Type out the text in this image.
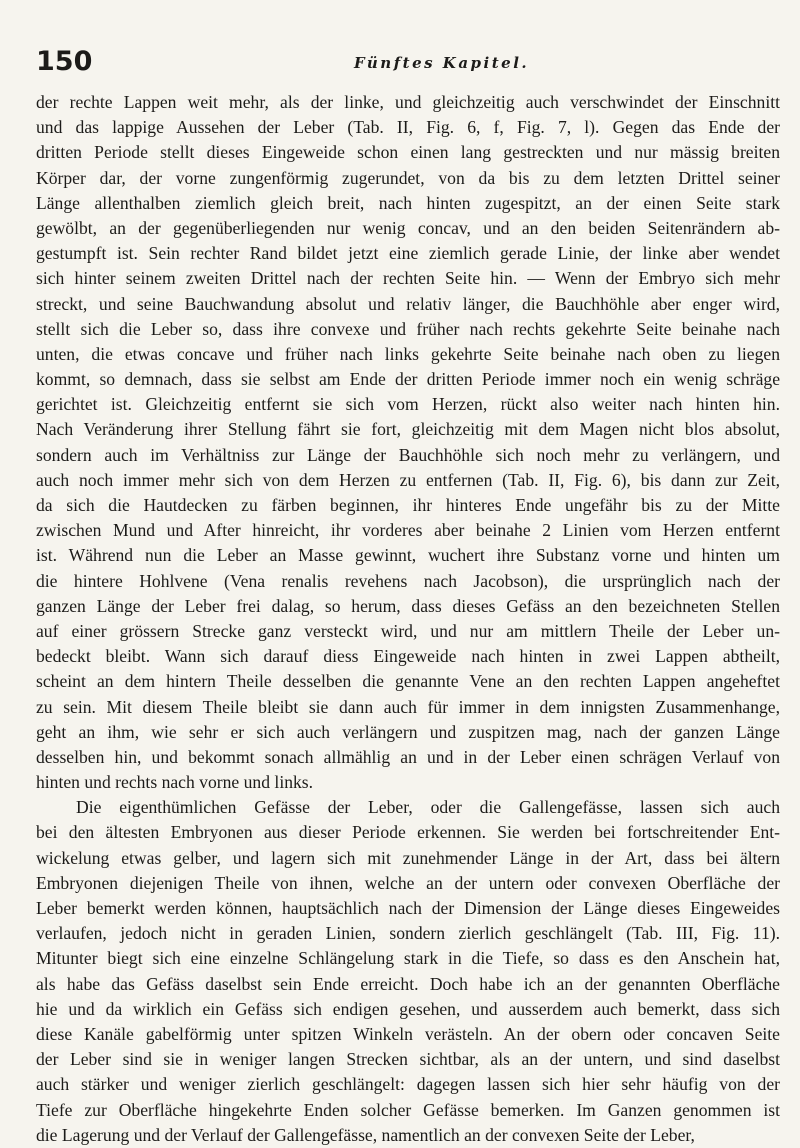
150	Fünftes Kapitel.
der rechte Lappen weit mehr, als der linke, und gleichzeitig auch verschwindet der Einschnitt
und das lappige Aussehen der Leber (Tab. II, Fig. 6, f, Fig. 7, l). Gegen das Ende der
dritten Periode stellt dieses Eingeweide schon einen lang gestreckten und nur mässig breiten
Körper dar, der vorne zungenförmig zugerundet, von da bis zu dem letzten Drittel seiner
Länge allenthalben ziemlich gleich breit, nach hinten zugespitzt, an der einen Seite stark
gewölbt, an der gegenüberliegenden nur wenig concav, und an den beiden Seitenrändern ab-
gestumpft ist. Sein rechter Rand bildet jetzt eine ziemlich gerade Linie, der linke aber wendet
sich hinter seinem zweiten Drittel nach der rechten Seite hin. — Wenn der Embryo sich mehr
streckt, und seine Bauchwandung absolut und relativ länger, die Bauchhöhle aber enger wird,
stellt sich die Leber so, dass ihre convexe und früher nach rechts gekehrte Seite beinahe nach
unten, die etwas concave und früher nach links gekehrte Seite beinahe nach oben zu liegen
kommt, so demnach, dass sie selbst am Ende der dritten Periode immer noch ein wenig schräge
gerichtet ist. Gleichzeitig entfernt sie sich vom Herzen, rückt also weiter nach hinten hin.
Nach Veränderung ihrer Stellung fährt sie fort, gleichzeitig mit dem Magen nicht blos absolut,
sondern auch im Verhältniss zur Länge der Bauchhöhle sich noch mehr zu verlängern, und
auch noch immer mehr sich von dem Herzen zu entfernen (Tab. II, Fig. 6), bis dann zur Zeit,
da sich die Hautdecken zu färben beginnen, ihr hinteres Ende ungefähr bis zu der Mitte
zwischen Mund und After hinreicht, ihr vorderes aber beinahe 2 Linien vom Herzen entfernt
ist. Während nun die Leber an Masse gewinnt, wuchert ihre Substanz vorne und hinten um
die hintere Hohlvene (Vena renalis revehens nach Jacobson), die ursprünglich nach der
ganzen Länge der Leber frei dalag, so herum, dass dieses Gefäss an den bezeichneten Stellen
auf einer grössern Strecke ganz versteckt wird, und nur am mittlern Theile der Leber un-
bedeckt bleibt. Wann sich darauf diess Eingeweide nach hinten in zwei Lappen abtheilt,
scheint an dem hintern Theile desselben die genannte Vene an den rechten Lappen angeheftet
zu sein. Mit diesem Theile bleibt sie dann auch für immer in dem innigsten Zusammenhange,
geht an ihm, wie sehr er sich auch verlängern und zuspitzen mag, nach der ganzen Länge
desselben hin, und bekommt sonach allmählig an und in der Leber einen schrägen Verlauf von
hinten und rechts nach vorne und links.
Die eigenthümlichen Gefässe der Leber, oder die Gallengefässe, lassen sich auch
bei den ältesten Embryonen aus dieser Periode erkennen. Sie werden bei fortschreitender Ent-
wickelung etwas gelber, und lagern sich mit zunehmender Länge in der Art, dass bei ältern
Embryonen diejenigen Theile von ihnen, welche an der untern oder convexen Oberfläche der
Leber bemerkt werden können, hauptsächlich nach der Dimension der Länge dieses Eingeweides
verlaufen, jedoch nicht in geraden Linien, sondern zierlich geschlängelt (Tab. III, Fig. 11).
Mitunter biegt sich eine einzelne Schlängelung stark in die Tiefe, so dass es den Anschein hat,
als habe das Gefäss daselbst sein Ende erreicht. Doch habe ich an der genannten Oberfläche
hie und da wirklich ein Gefäss sich endigen gesehen, und ausserdem auch bemerkt, dass sich
diese Kanäle gabelförmig unter spitzen Winkeln verästeln. An der obern oder concaven Seite
der Leber sind sie in weniger langen Strecken sichtbar, als an der untern, und sind daselbst
auch stärker und weniger zierlich geschlängelt: dagegen lassen sich hier sehr häufig von der
Tiefe zur Oberfläche hingekehrte Enden solcher Gefässe bemerken. Im Ganzen genommen ist
die Lagerung und der Verlauf der Gallengefässe, namentlich an der convexen Seite der Leber,
